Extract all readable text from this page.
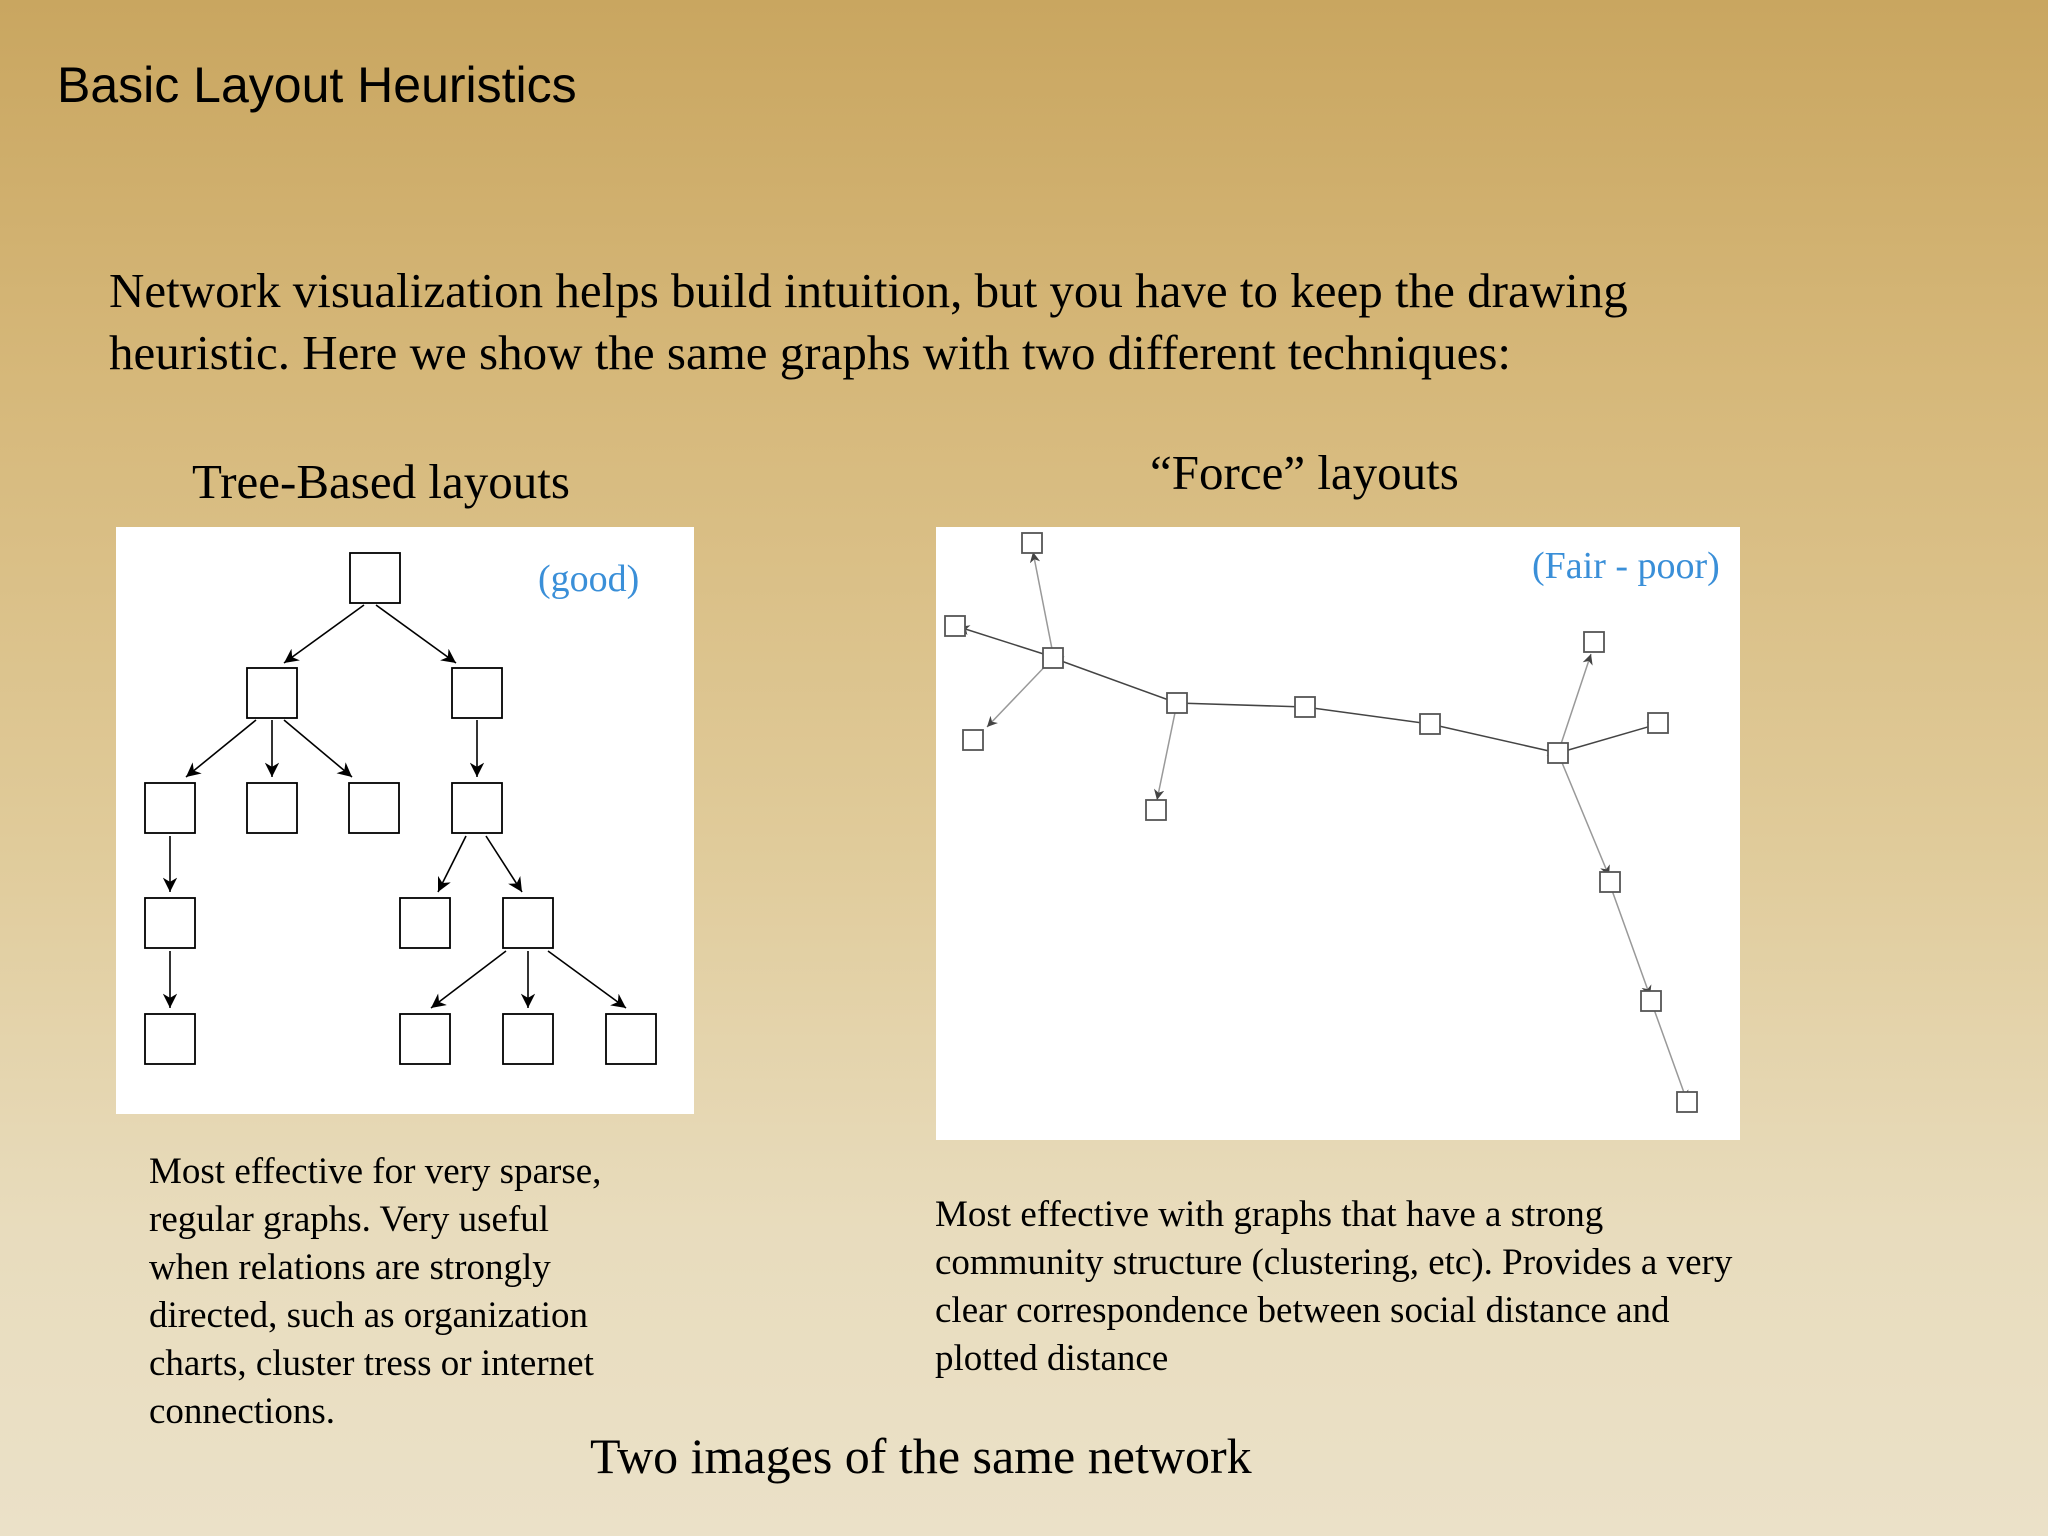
Basic Layout Heuristics
Network visualization helps build intuition, but you have to keep the drawing
heuristic. Here we show the same graphs with two different techniques:
Tree-Based layouts	“Force” layouts
(good)	(Fair - poor)
Most effective for very sparse,
regular graphs. Very useful
when relations are strongly
directed, such as organization
charts, cluster tress or internet
connections.
Most effective with graphs that have a strong
community structure (clustering, etc). Provides a very
clear correspondence between social distance and
plotted distance
Two images of the same network
